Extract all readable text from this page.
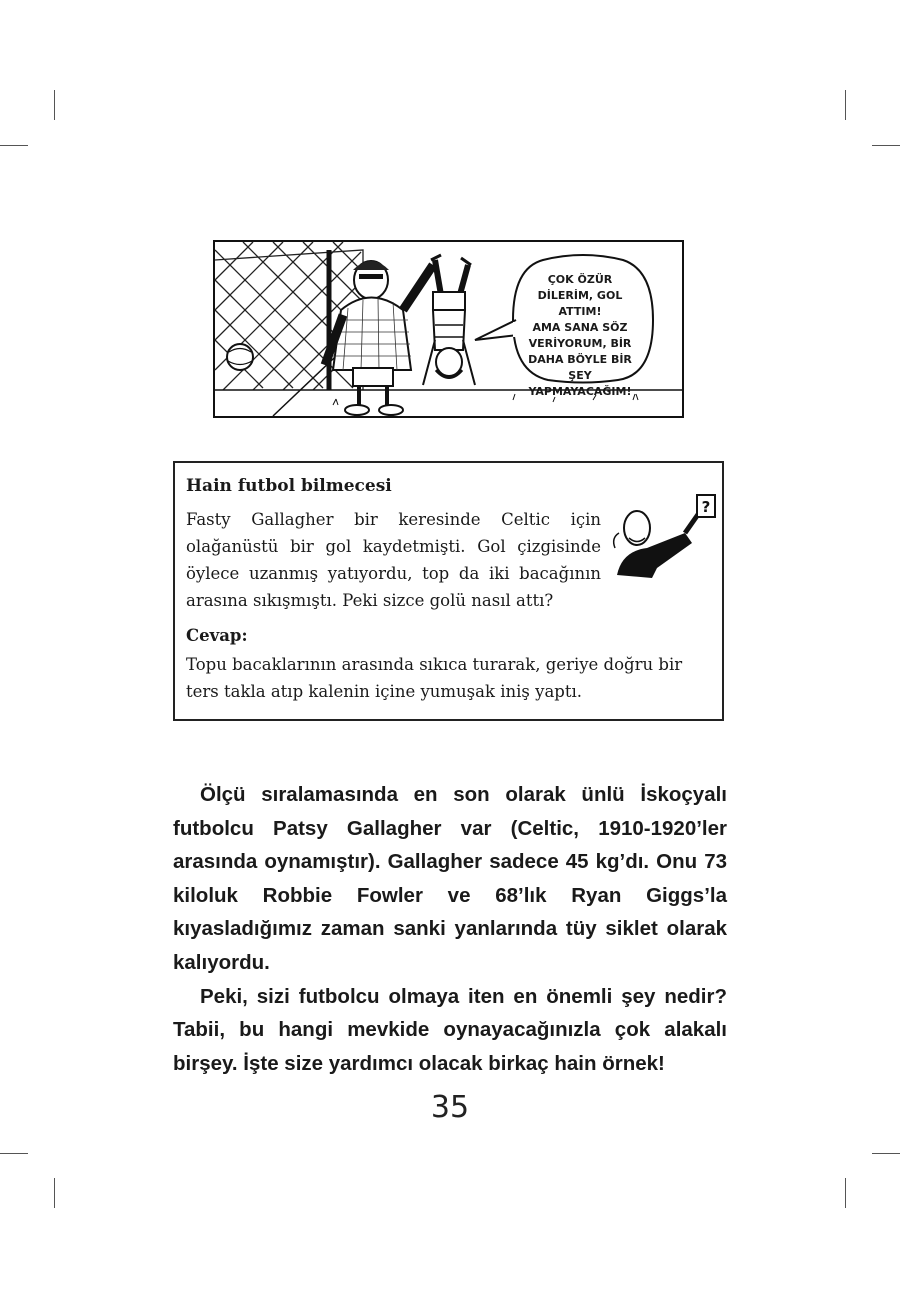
ÇOK ÖZÜR
DİLERİM, GOL ATTIM!
AMA SANA SÖZ
VERİYORUM, BİR
DAHA BÖYLE BİR ŞEY
YAPMAYACAĞIM!
Hain futbol bilmecesi
?

Fasty Gallagher bir keresinde Celtic için olağanüstü bir gol kaydetmişti. Gol çizgisinde öylece uzanmış yatıyordu, top da iki bacağının arasına sıkışmıştı. Peki sizce golü nasıl attı?

Cevap:

Topu bacaklarının arasında sıkıca turarak, geriye doğru bir ters takla atıp kalenin içine yumuşak iniş yaptı.

Ölçü sıralamasında en son olarak ünlü İskoçyalı futbolcu Patsy Gallagher var (Celtic, 1910-1920’ler arasında oynamıştır). Gallagher sadece 45 kg’dı. Onu 73 kiloluk Robbie Fowler ve 68’lık Ryan Giggs’la kıyasladığımız zaman sanki yanlarında tüy siklet olarak kalıyordu.

Peki, sizi futbolcu olmaya iten en önemli şey nedir? Tabii, bu hangi mevkide oynayacağınızla çok alakalı birşey. İşte size yardımcı olacak birkaç hain örnek!

35
